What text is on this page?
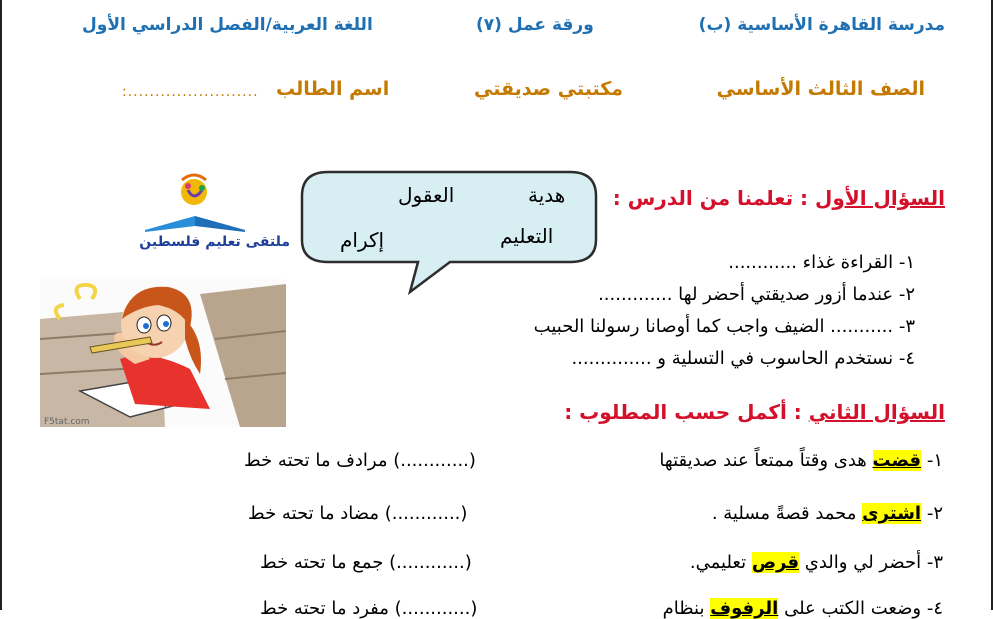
مدرسة القاهرة الأساسية (ب)
ورقة عمل (٧)
اللغة العربية/الفصل الدراسي الأول
الصف الثالث الأساسي
مكتبتي صديقتي
اسم الطالب
:........................
ملتقى تعليم فلسطين
F5tat.com
هدية
العقول
التعليم
إكرام
السؤال الأول : تعلمنا من الدرس :
١- القراءة غذاء ............
٢- عندما أزور صديقتي أحضر لها .............
٣- ........... الضيف واجب كما أوصانا رسولنا الحبيب
٤- نستخدم الحاسوب في التسلية و ..............
السؤال الثاني : أكمل حسب المطلوب :
١- قضت هدى وقتاً ممتعاً عند صديقتها
(............) مرادف ما تحته خط
٢- اشترى محمد قصةً مسلية .
(............) مضاد ما تحته خط
٣- أحضر لي والدي قرص تعليمي.
(............) جمع ما تحته خط
٤- وضعت الكتب على الرفوف بنظام
(............) مفرد ما تحته خط
